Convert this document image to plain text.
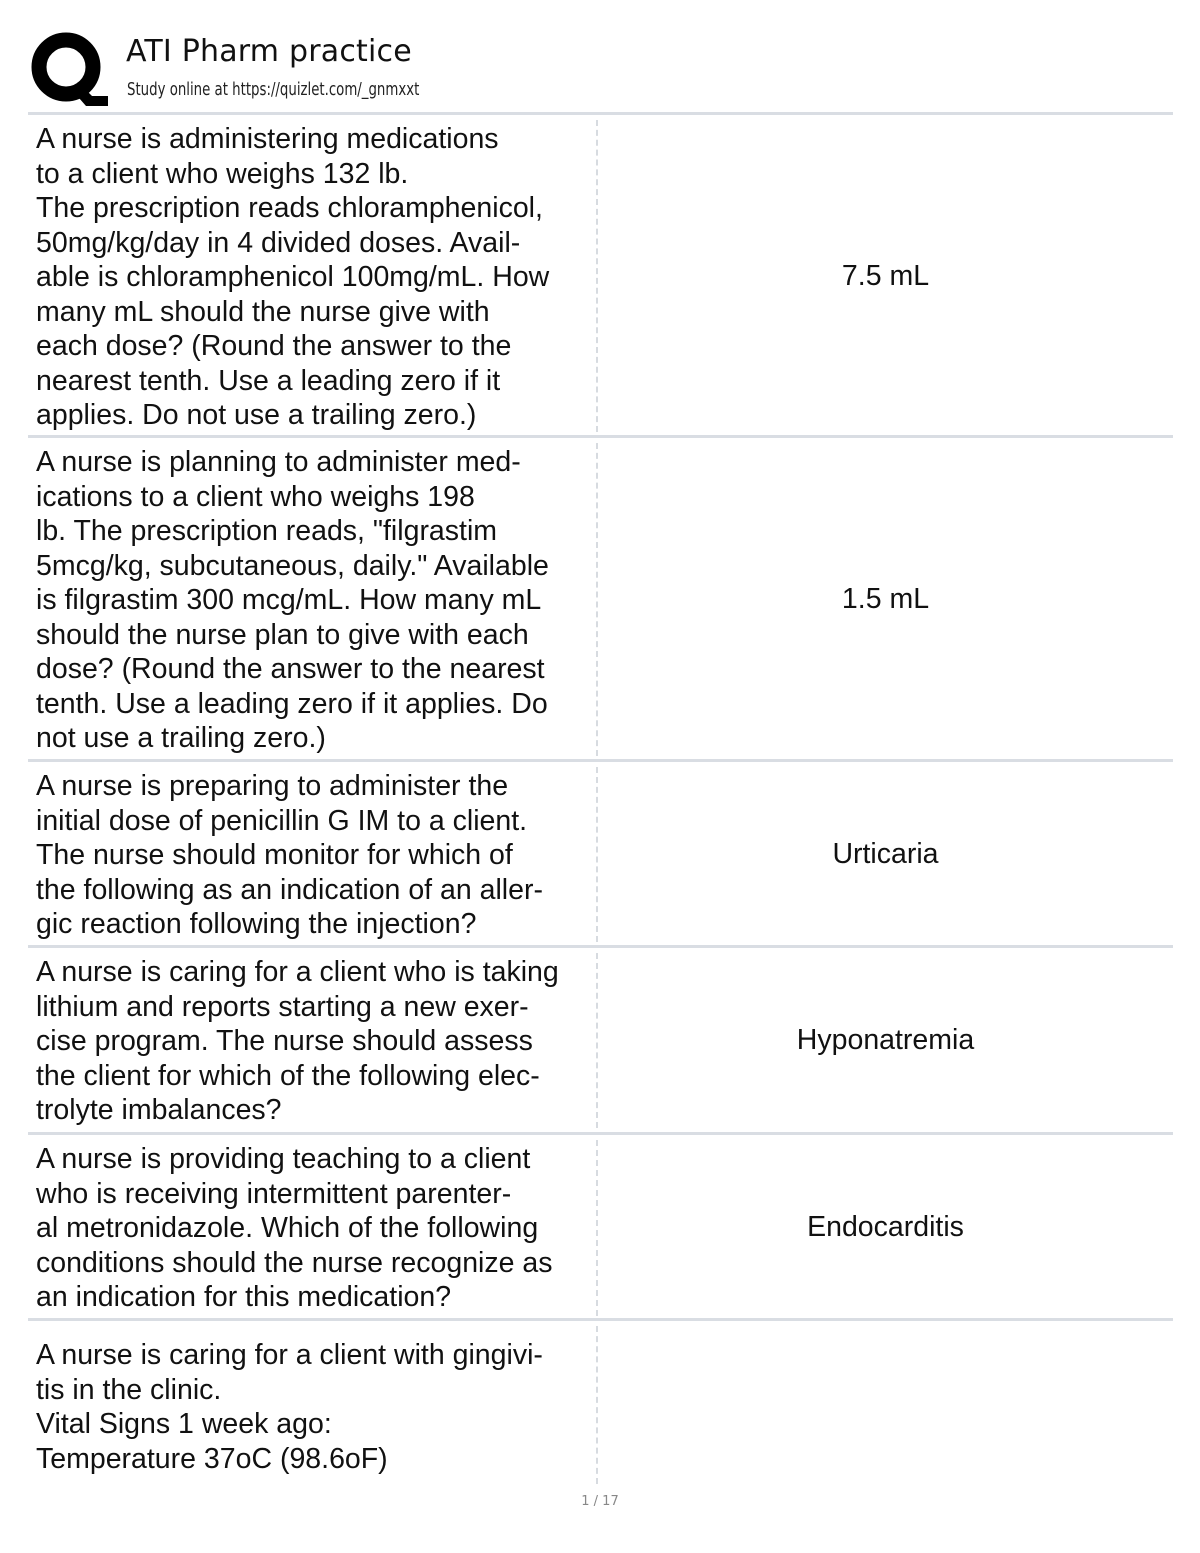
ATI Pharm practice
Study online at https://quizlet.com/_gnmxxt
A nurse is administering medications
to a client who weighs 132 lb.
The prescription reads chloramphenicol,
50mg/kg/day in 4 divided doses. Avail-
able is chloramphenicol 100mg/mL. How
many mL should the nurse give with
each dose? (Round the answer to the
nearest tenth. Use a leading zero if it
applies. Do not use a trailing zero.)
7.5 mL
A nurse is planning to administer med-
ications to a client who weighs 198
lb. The prescription reads, "filgrastim
5mcg/kg, subcutaneous, daily." Available
is filgrastim 300 mcg/mL. How many mL
should the nurse plan to give with each
dose? (Round the answer to the nearest
tenth. Use a leading zero if it applies. Do
not use a trailing zero.)
1.5 mL
A nurse is preparing to administer the
initial dose of penicillin G IM to a client.
The nurse should monitor for which of
the following as an indication of an aller-
gic reaction following the injection?
Urticaria
A nurse is caring for a client who is taking
lithium and reports starting a new exer-
cise program. The nurse should assess
the client for which of the following elec-
trolyte imbalances?
Hyponatremia
A nurse is providing teaching to a client
who is receiving intermittent parenter-
al metronidazole. Which of the following
conditions should the nurse recognize as
an indication for this medication?
Endocarditis
A nurse is caring for a client with gingivi-
tis in the clinic.
Vital Signs 1 week ago:
Temperature 37oC (98.6oF)
1 / 17
